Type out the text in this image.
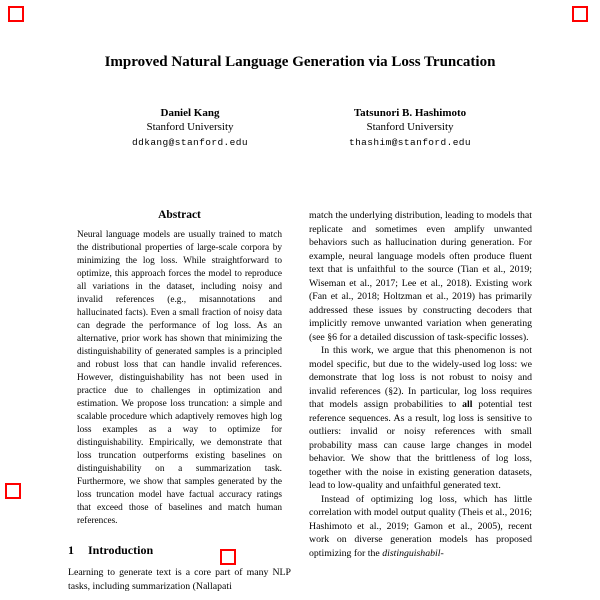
Improved Natural Language Generation via Loss Truncation
Daniel Kang
Stanford University
ddkang@stanford.edu
Tatsunori B. Hashimoto
Stanford University
thashim@stanford.edu
Abstract

Neural language models are usually trained to match the distributional properties of large-scale corpora by minimizing the log loss. While straightforward to optimize, this approach forces the model to reproduce all variations in the dataset, including noisy and invalid references (e.g., misannotations and hallucinated facts). Even a small fraction of noisy data can degrade the performance of log loss. As an alternative, prior work has shown that minimizing the distinguishability of generated samples is a principled and robust loss that can handle invalid references. However, distinguishability has not been used in practice due to challenges in optimization and estimation. We propose loss truncation: a simple and scalable procedure which adaptively removes high log loss examples as a way to optimize for distinguishability. Empirically, we demonstrate that loss truncation outperforms existing baselines on distinguishability on a summarization task. Furthermore, we show that samples generated by the loss truncation model have factual accuracy ratings that exceed those of baselines and match human references.

1 Introduction

Learning to generate text is a core part of many NLP tasks, including summarization (Nallapati

match the underlying distribution, leading to models that replicate and sometimes even amplify unwanted behaviors such as hallucination during generation. For example, neural language models often produce fluent text that is unfaithful to the source (Tian et al., 2019; Wiseman et al., 2017; Lee et al., 2018). Existing work (Fan et al., 2018; Holtzman et al., 2019) has primarily addressed these issues by constructing decoders that implicitly remove unwanted variation when generating (see §6 for a detailed discussion of task-specific losses).

In this work, we argue that this phenomenon is not model specific, but due to the widely-used log loss: we demonstrate that log loss is not robust to noisy and invalid references (§2). In particular, log loss requires that models assign probabilities to all potential test reference sequences. As a result, log loss is sensitive to outliers: invalid or noisy references with small probability mass can cause large changes in model behavior. We show that the brittleness of log loss, together with the noise in existing generation datasets, lead to low-quality and unfaithful generated text.

Instead of optimizing log loss, which has little correlation with model output quality (Theis et al., 2016; Hashimoto et al., 2019; Gamon et al., 2005), recent work on diverse generation models has proposed optimizing for the distinguishabil-
